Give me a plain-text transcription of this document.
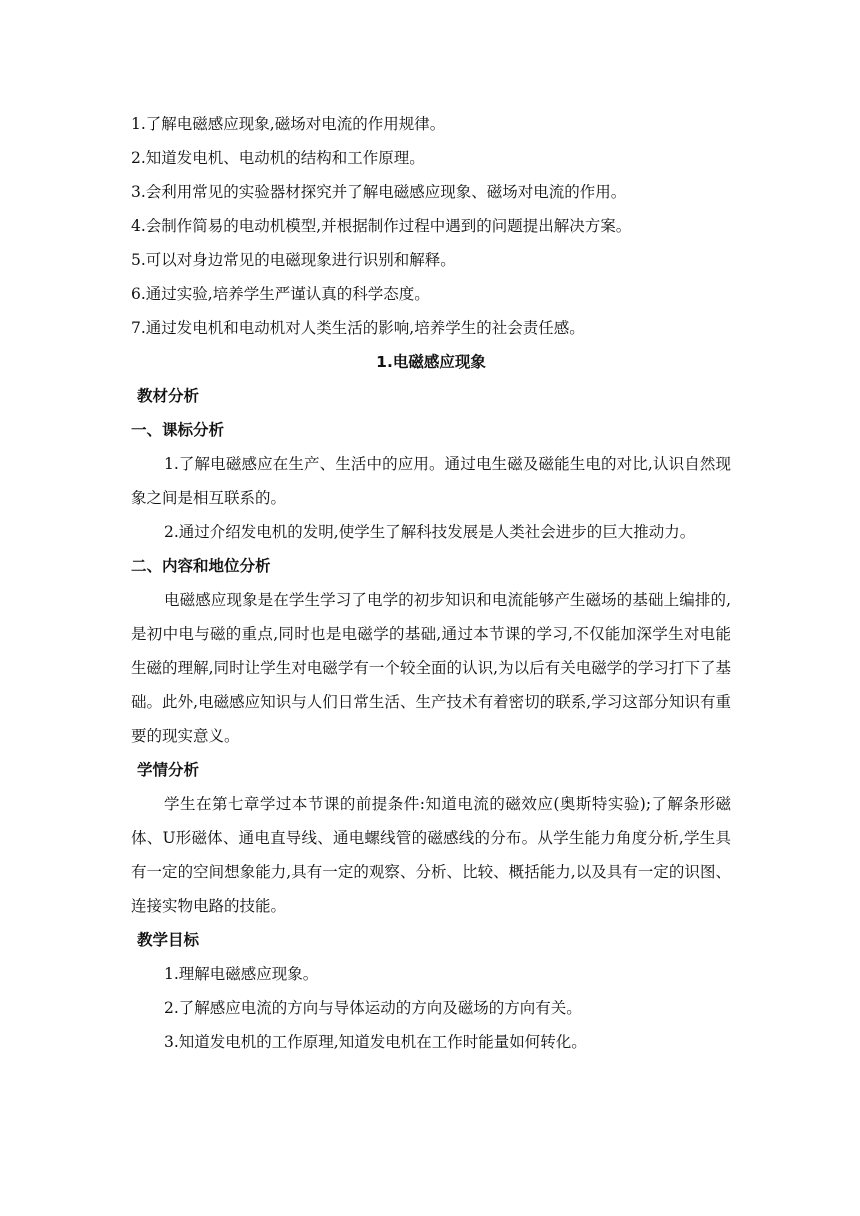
1.了解电磁感应现象,磁场对电流的作用规律。
2.知道发电机、电动机的结构和工作原理。
3.会利用常见的实验器材探究并了解电磁感应现象、磁场对电流的作用。
4.会制作简易的电动机模型,并根据制作过程中遇到的问题提出解决方案。
5.可以对身边常见的电磁现象进行识别和解释。
6.通过实验,培养学生严谨认真的科学态度。
7.通过发电机和电动机对人类生活的影响,培养学生的社会责任感。
1.电磁感应现象
教材分析
一、课标分析
1.了解电磁感应在生产、生活中的应用。通过电生磁及磁能生电的对比,认识自然现象之间是相互联系的。
2.通过介绍发电机的发明,使学生了解科技发展是人类社会进步的巨大推动力。
二、内容和地位分析
电磁感应现象是在学生学习了电学的初步知识和电流能够产生磁场的基础上编排的,是初中电与磁的重点,同时也是电磁学的基础,通过本节课的学习,不仅能加深学生对电能生磁的理解,同时让学生对电磁学有一个较全面的认识,为以后有关电磁学的学习打下了基础。此外,电磁感应知识与人们日常生活、生产技术有着密切的联系,学习这部分知识有重要的现实意义。
学情分析
学生在第七章学过本节课的前提条件:知道电流的磁效应(奥斯特实验);了解条形磁体、U形磁体、通电直导线、通电螺线管的磁感线的分布。从学生能力角度分析,学生具有一定的空间想象能力,具有一定的观察、分析、比较、概括能力,以及具有一定的识图、连接实物电路的技能。
教学目标
1.理解电磁感应现象。
2.了解感应电流的方向与导体运动的方向及磁场的方向有关。
3.知道发电机的工作原理,知道发电机在工作时能量如何转化。
